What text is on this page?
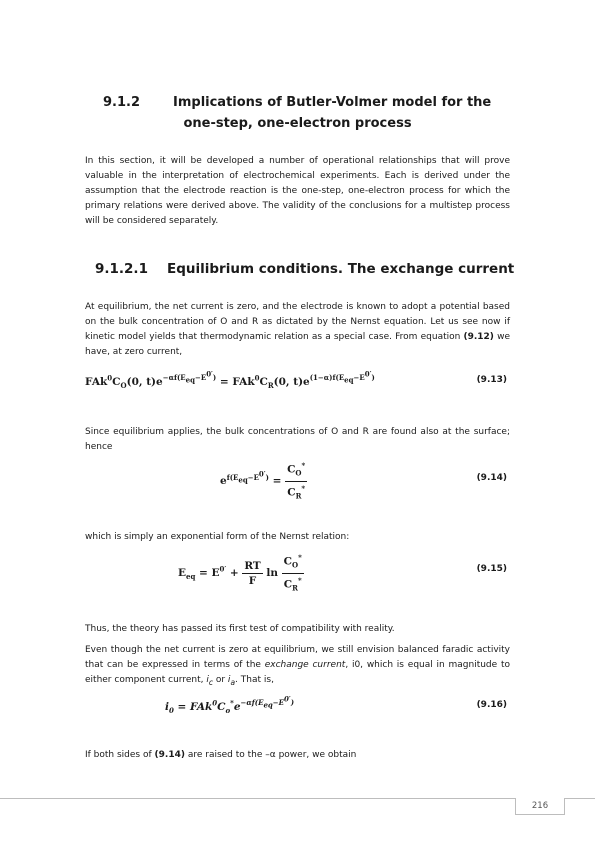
9.1.2	Implications of Butler-Volmer model for the
one-step, one-electron process

In this section, it will be developed a number of operational relationships that will prove valuable in the interpretation of electrochemical experiments. Each is derived under the assumption that the electrode reaction is the one-step, one-electron process for which the primary relations were derived above. The validity of the conclusions for a multistep process will be considered separately.

9.1.2.1 Equilibrium conditions. The exchange current

At equilibrium, the net current is zero, and the electrode is known to adopt a potential based on the bulk concentration of O and R as dictated by the Nernst equation. Let us see now if kinetic model yields that thermodynamic relation as a special case. From equation (9.12) we have, at zero current,

$FAk^0C_O(0$, $t)e^{-\alpha f(E_{eq}-E^{0'})} = FAk^0C_R(0$, $t)e^{(1-\alpha)f(E_{eq}-E^{0'})}$	(9.13)

Since equilibrium applies, the bulk concentrations of O and R are found also at the surface; hence

$e^{f(E_{eq}-E^{0'})} = \frac{C_O^*}{C_R^*}$	(9.14)

which is simply an exponential form of the Nernst relation:

$E_{eq} = E^{0'} + \frac{RT}{F}$ $\ln \frac{C_O^*}{C_R^*}$	(9.15)

Thus, the theory has passed its first test of compatibility with reality.

Even though the net current is zero at equilibrium, we still envision balanced faradic activity that can be expressed in terms of the exchange current, i0, which is equal in magnitude to either component current, $i_c$ or $i_a$. That is,

$i_0 = FAk^0C_o^*e^{-\alpha f(E_{eq}-E^{0'})}$	(9.16)

If both sides of (9.14) are raised to the –α power, we obtain

216
